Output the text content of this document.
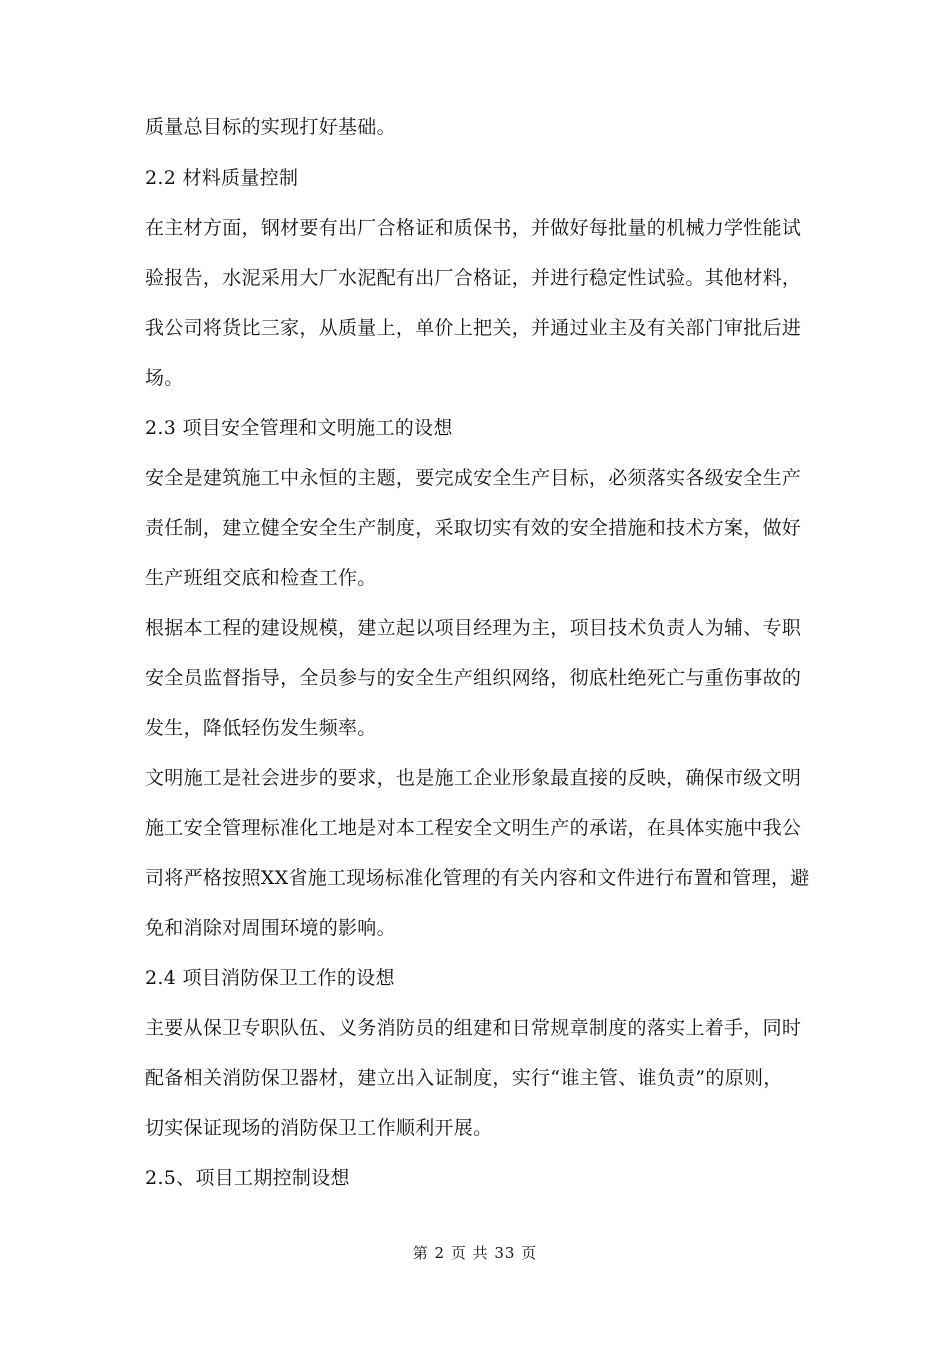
质量总目标的实现打好基础。
2.2 材料质量控制
在主材方面，钢材要有出厂合格证和质保书，并做好每批量的机械力学性能试
验报告，水泥采用大厂水泥配有出厂合格证，并进行稳定性试验。其他材料，
我公司将货比三家，从质量上，单价上把关，并通过业主及有关部门审批后进
场。
2.3 项目安全管理和文明施工的设想
安全是建筑施工中永恒的主题，要完成安全生产目标，必须落实各级安全生产
责任制，建立健全安全生产制度，采取切实有效的安全措施和技术方案，做好
生产班组交底和检查工作。
根据本工程的建设规模，建立起以项目经理为主，项目技术负责人为辅、专职
安全员监督指导，全员参与的安全生产组织网络，彻底杜绝死亡与重伤事故的
发生，降低轻伤发生频率。
文明施工是社会进步的要求，也是施工企业形象最直接的反映，确保市级文明
施工安全管理标准化工地是对本工程安全文明生产的承诺，在具体实施中我公
司将严格按照XX省施工现场标准化管理的有关内容和文件进行布置和管理，避
免和消除对周围环境的影响。
2.4 项目消防保卫工作的设想
主要从保卫专职队伍、义务消防员的组建和日常规章制度的落实上着手，同时
配备相关消防保卫器材，建立出入证制度，实行“谁主管、谁负责”的原则，
切实保证现场的消防保卫工作顺利开展。
2.5、项目工期控制设想
第 2 页 共 33 页
